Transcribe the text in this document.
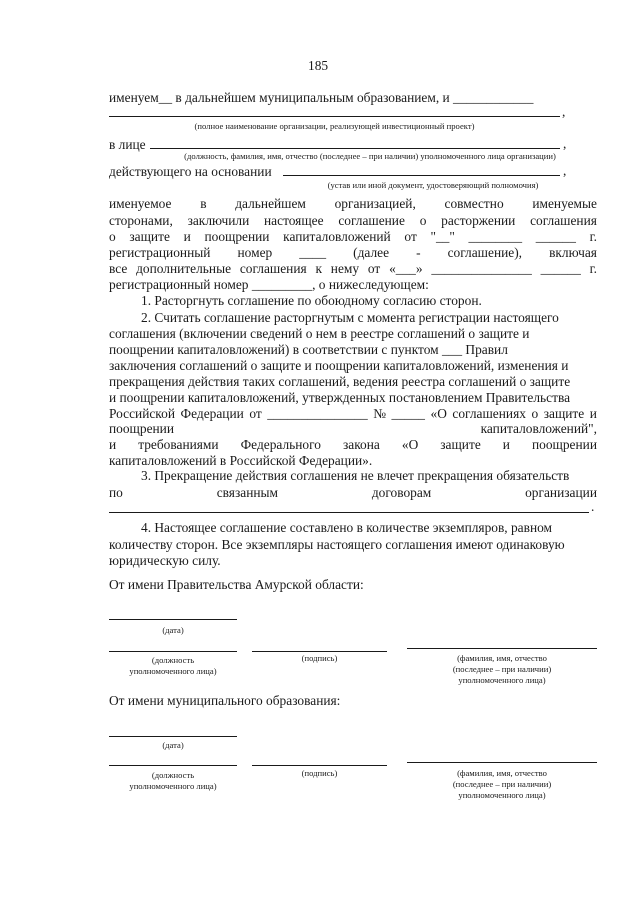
185
именуем__ в дальнейшем муниципальным образованием, и ____________
,
(полное наименование организации, реализующей инвестиционный проект)
в лице	,
(должность, фамилия, имя, отчество (последнее – при наличии) уполномоченного лица организации)
действующего на основании	,
(устав или иной документ, удостоверяющий полномочия)
именуемое в дальнейшем организацией, совместно именуемые
сторонами, заключили настоящее соглашение о расторжении соглашения
о защите и поощрении капиталовложений от "__" ________ ______ г.
регистрационный номер ____ (далее - соглашение), включая
все дополнительные соглашения к нему от «___» _______________ ______ г.
регистрационный номер _________, о нижеследующем:
1. Расторгнуть соглашение по обоюдному согласию сторон.
2. Считать соглашение расторгнутым с момента регистрации настоящего
соглашения (включении сведений о нем в реестре соглашений о защите и
поощрении капиталовложений) в соответствии с пунктом ___ Правил
заключения соглашений о защите и поощрении капиталовложений, изменения и
прекращения действия таких соглашений, ведения реестра соглашений о защите
и поощрении капиталовложений, утвержденных постановлением Правительства
Российской Федерации от _______________ № _____ «О соглашениях о защите и
поощрении	капиталовложений",
и требованиями Федерального закона «О защите и поощрении
капиталовложений в Российской Федерации».
3. Прекращение действия соглашения не влечет прекращения обязательств
по	связанным	договорам	организации
.
4. Настоящее соглашение составлено в количестве экземпляров, равном
количеству сторон. Все экземпляры настоящего соглашения имеют одинаковую
юридическую силу.
От имени Правительства Амурской области:
(дата)
(должность
уполномоченного лица)
(подпись)	(фамилия, имя, отчество
(последнее – при наличии)
уполномоченного лица)
От имени муниципального образования:
(дата)
(должность
уполномоченного лица)
(подпись)	(фамилия, имя, отчество
(последнее – при наличии)
уполномоченного лица)
